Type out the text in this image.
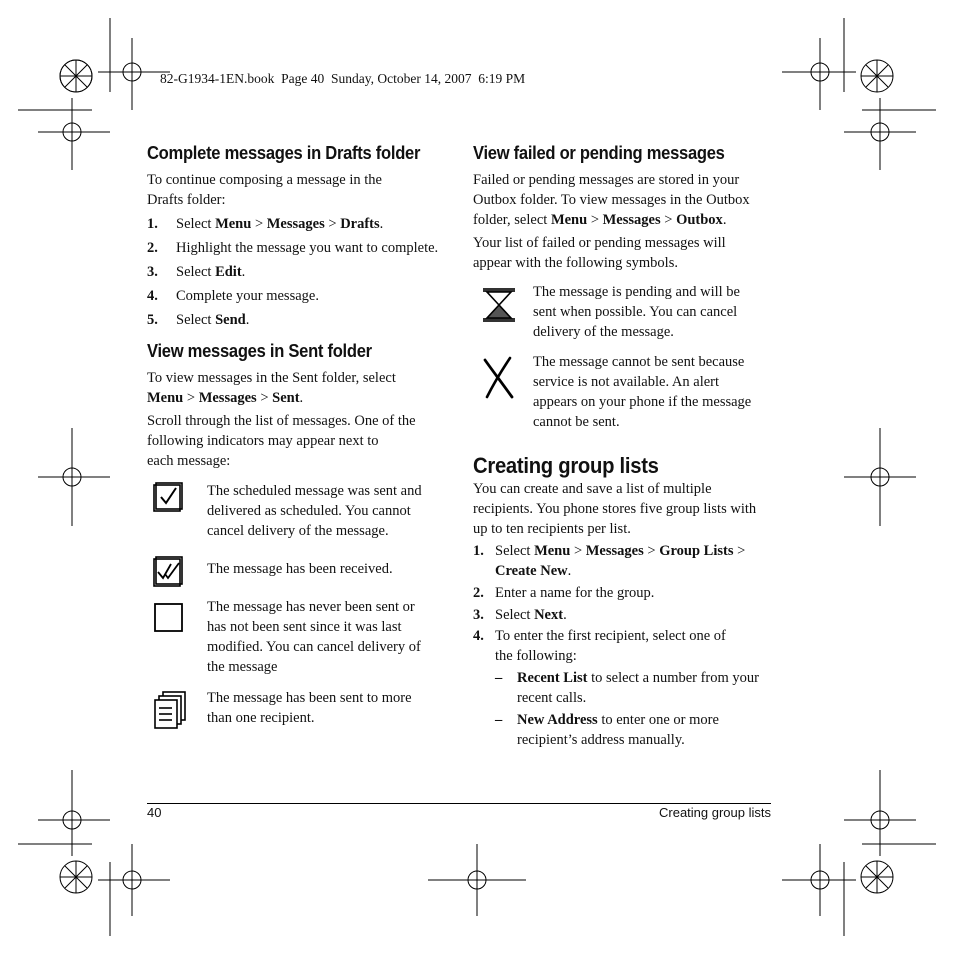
82-G1934-1EN.book  Page 40  Sunday, October 14, 2007  6:19 PM
Complete messages in Drafts folder
To continue composing a message in the
Drafts folder:
1. Select Menu > Messages > Drafts.
2. Highlight the message you want to complete.
3. Select Edit.
4. Complete your message.
5. Select Send.
View messages in Sent folder
To view messages in the Sent folder, select
Menu > Messages > Sent.
Scroll through the list of messages. One of the
following indicators may appear next to
each message:
The scheduled message was sent and
delivered as scheduled. You cannot
cancel delivery of the message.
The message has been received.
The message has never been sent or
has not been sent since it was last
modified. You can cancel delivery of
the message
The message has been sent to more
than one recipient.
View failed or pending messages
Failed or pending messages are stored in your
Outbox folder. To view messages in the Outbox
folder, select Menu > Messages > Outbox.
Your list of failed or pending messages will
appear with the following symbols.
The message is pending and will be
sent when possible. You can cancel
delivery of the message.
The message cannot be sent because
service is not available. An alert
appears on your phone if the message
cannot be sent.
Creating group lists
You can create and save a list of multiple
recipients. You phone stores five group lists with
up to ten recipients per list.
1. Select Menu > Messages > Group Lists >
Create New.
2. Enter a name for the group.
3. Select Next.
4. To enter the first recipient, select one of
the following:
– Recent List to select a number from your
recent calls.
– New Address to enter one or more
recipient’s address manually.
40	Creating group lists
